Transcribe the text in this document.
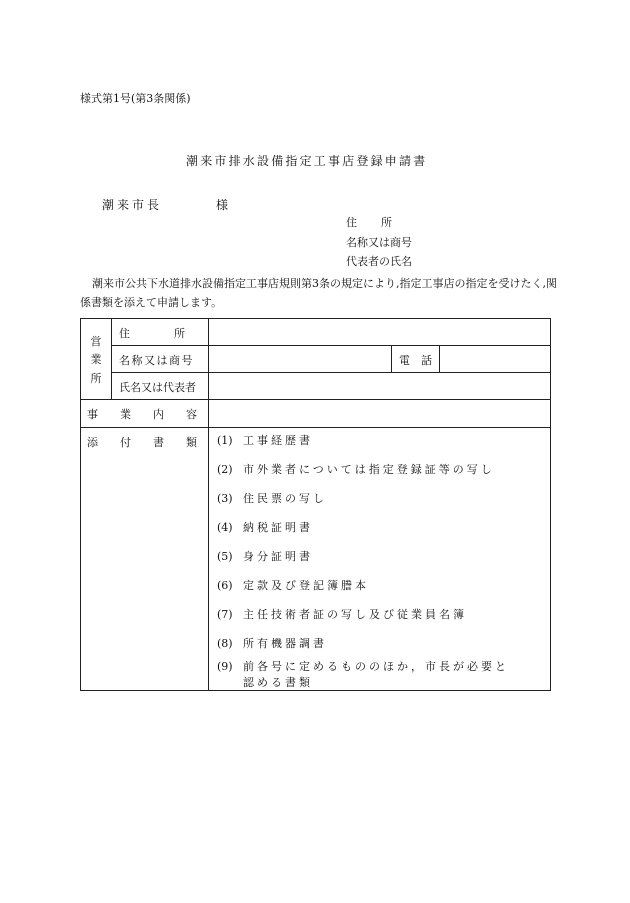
様式第1号(第3条関係)
潮来市排水設備指定工事店登録申請書
潮来市長	様
住所
名称又は商号
代表者の氏名
潮来市公共下水道排水設備指定工事店規則第3条の規定により,指定工事店の指定を受けたく,関係書類を添えて申請します。
営
業
所
住　　　　所
名称又は商号	電　話
氏名又は代表者
事　　業　　内　　容
添　　付　　書　　類 (1) 工事経歴書
(2) 市外業者については指定登録証等の写し
(3) 住民票の写し
(4) 納税証明書
(5) 身分証明書
(6) 定款及び登記簿謄本
(7) 主任技術者証の写し及び従業員名簿
(8) 所有機器調書
(9) 前各号に定めるもののほか，市長が必要と
認める書類
